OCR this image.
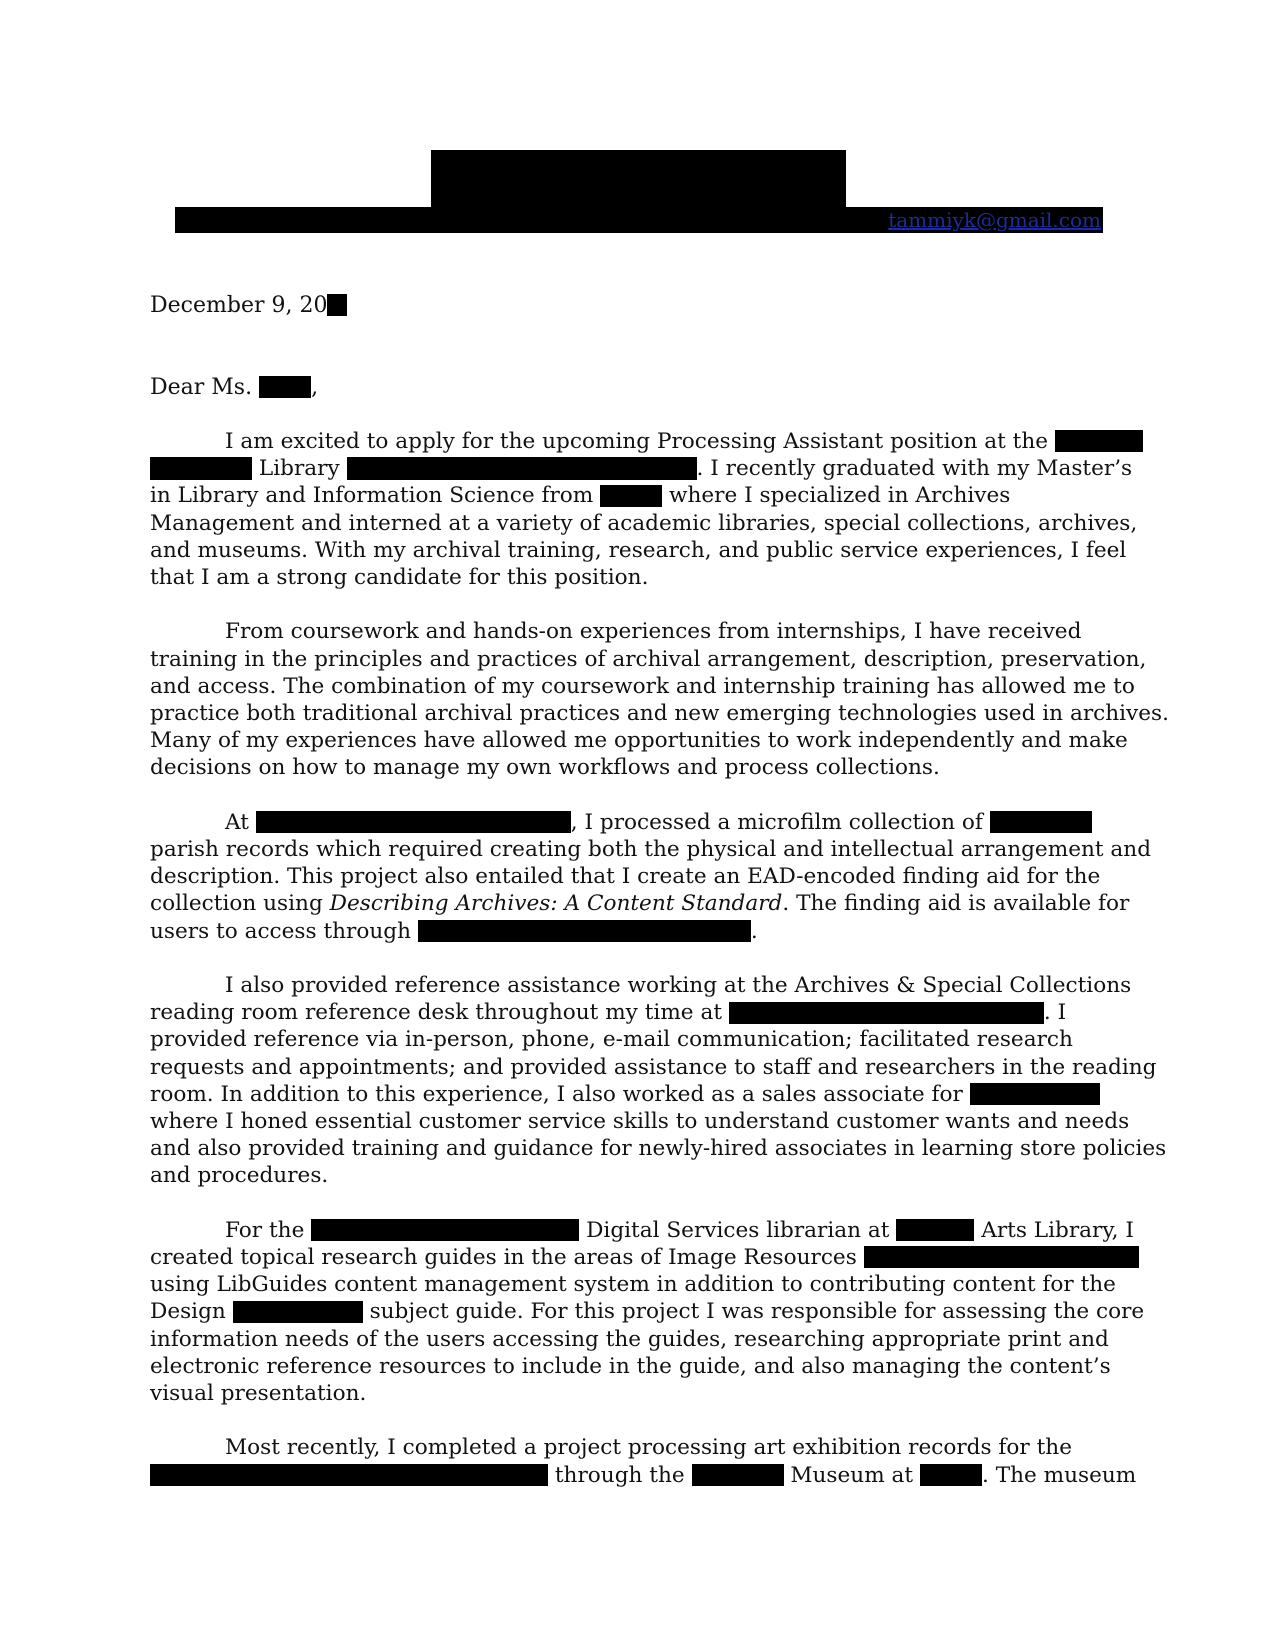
tammiyk@gmail.com
December 9, 20
Dear Ms.	,

I am excited to apply for the upcoming Processing Assistant position at the
Library	. I recently graduated with my Master’s
in Library and Information Science from	where I specialized in Archives
Management and interned at a variety of academic libraries, special collections, archives,
and museums. With my archival training, research, and public service experiences, I feel
that I am a strong candidate for this position.

From coursework and hands-on experiences from internships, I have received
training in the principles and practices of archival arrangement, description, preservation,
and access. The combination of my coursework and internship training has allowed me to
practice both traditional archival practices and new emerging technologies used in archives.
Many of my experiences have allowed me opportunities to work independently and make
decisions on how to manage my own workflows and process collections.

At	, I processed a microfilm collection of
parish records which required creating both the physical and intellectual arrangement and
description. This project also entailed that I create an EAD-encoded finding aid for the
collection using Describing Archives: A Content Standard. The finding aid is available for
users to access through	.

I also provided reference assistance working at the Archives & Special Collections
reading room reference desk throughout my time at	. I
provided reference via in-person, phone, e-mail communication; facilitated research
requests and appointments; and provided assistance to staff and researchers in the reading
room. In addition to this experience, I also worked as a sales associate for
where I honed essential customer service skills to understand customer wants and needs
and also provided training and guidance for newly-hired associates in learning store policies
and procedures.

For the	Digital Services librarian at	Arts Library, I
created topical research guides in the areas of Image Resources
using LibGuides content management system in addition to contributing content for the
Design	subject guide. For this project I was responsible for assessing the core
information needs of the users accessing the guides, researching appropriate print and
electronic reference resources to include in the guide, and also managing the content’s
visual presentation.

Most recently, I completed a project processing art exhibition records for the
through the	Museum at	. The museum
